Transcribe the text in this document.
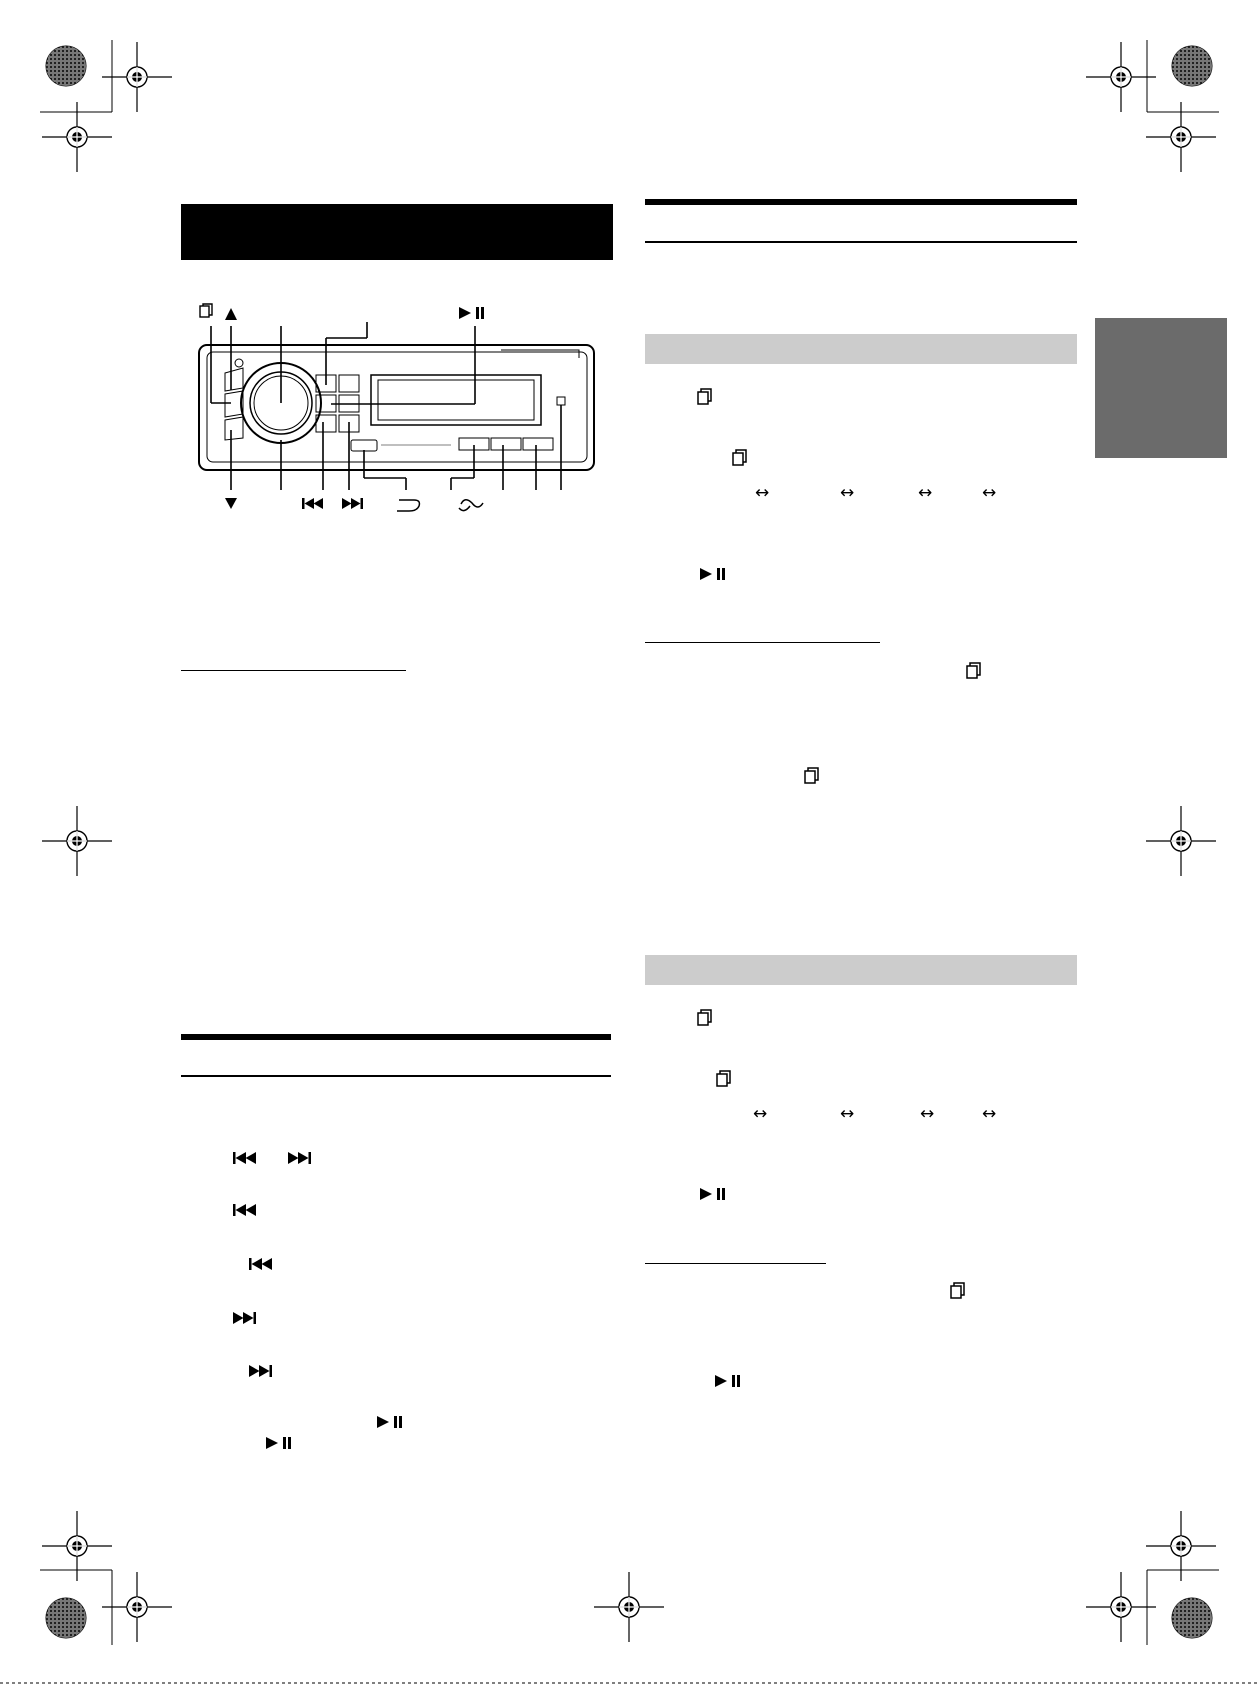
↔	↔	↔	↔
↔	↔	↔	↔
